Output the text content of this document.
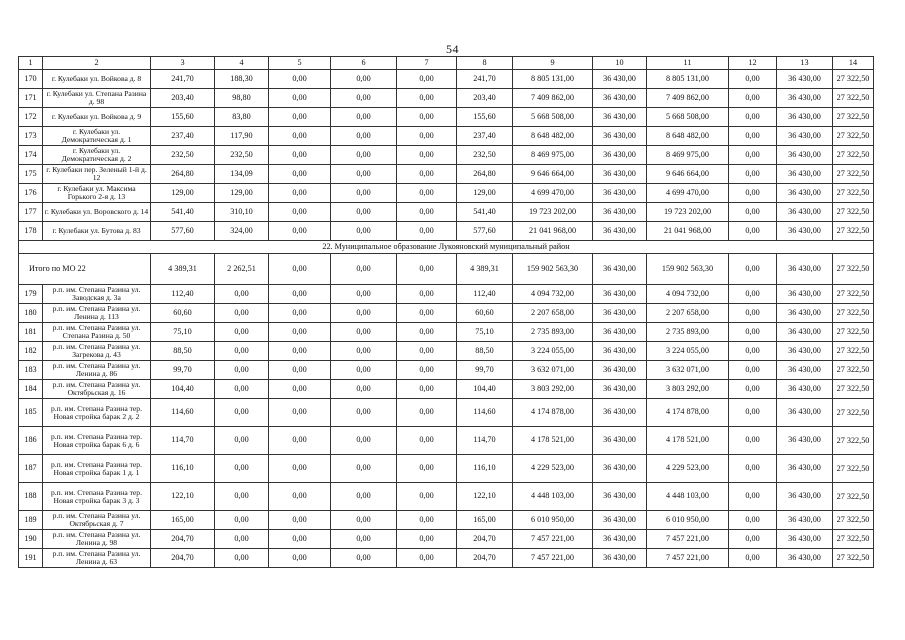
54
1	2	3	4	5	6	7	8	9	10	11	12	13	14
170	г. Кулебаки ул. Войкова д. 8	241,70	188,30	0,00	0,00	0,00	241,70	8 805 131,00	36 430,00	8 805 131,00	0,00	36 430,00	27 322,50
171	г. Кулебаки ул. Степана Разина д. 98	203,40	98,80	0,00	0,00	0,00	203,40	7 409 862,00	36 430,00	7 409 862,00	0,00	36 430,00	27 322,50
172	г. Кулебаки ул. Войкова д. 9	155,60	83,80	0,00	0,00	0,00	155,60	5 668 508,00	36 430,00	5 668 508,00	0,00	36 430,00	27 322,50
173	г. Кулебаки ул. Демократическая д. 1	237,40	117,90	0,00	0,00	0,00	237,40	8 648 482,00	36 430,00	8 648 482,00	0,00	36 430,00	27 322,50
174	г. Кулебаки ул. Демократическая д. 2	232,50	232,50	0,00	0,00	0,00	232,50	8 469 975,00	36 430,00	8 469 975,00	0,00	36 430,00	27 322,50
175	г. Кулебаки пер. Зеленый 1-й д. 12	264,80	134,09	0,00	0,00	0,00	264,80	9 646 664,00	36 430,00	9 646 664,00	0,00	36 430,00	27 322,50
176	г. Кулебаки ул. Максима Горького 2-я д. 13	129,00	129,00	0,00	0,00	0,00	129,00	4 699 470,00	36 430,00	4 699 470,00	0,00	36 430,00	27 322,50
177	г. Кулебаки ул. Воровского д. 14	541,40	310,10	0,00	0,00	0,00	541,40	19 723 202,00	36 430,00	19 723 202,00	0,00	36 430,00	27 322,50
178	г. Кулебаки ул. Бутова д. 83	577,60	324,00	0,00	0,00	0,00	577,60	21 041 968,00	36 430,00	21 041 968,00	0,00	36 430,00	27 322,50
22. Муниципальное образование Лукояновский муниципальный район													
Итого по МО 22		4 389,31	2 262,51	0,00	0,00	0,00	4 389,31	159 902 563,30	36 430,00	159 902 563,30	0,00	36 430,00	27 322,50
179	р.п. им. Степана Разина ул. Заводская д. 3а	112,40	0,00	0,00	0,00	0,00	112,40	4 094 732,00	36 430,00	4 094 732,00	0,00	36 430,00	27 322,50
180	р.п. им. Степана Разина ул. Ленина д. 113	60,60	0,00	0,00	0,00	0,00	60,60	2 207 658,00	36 430,00	2 207 658,00	0,00	36 430,00	27 322,50
181	р.п. им. Степана Разина ул. Степана Разина д. 50	75,10	0,00	0,00	0,00	0,00	75,10	2 735 893,00	36 430,00	2 735 893,00	0,00	36 430,00	27 322,50
182	р.п. им. Степана Разина ул. Загрекова д. 43	88,50	0,00	0,00	0,00	0,00	88,50	3 224 055,00	36 430,00	3 224 055,00	0,00	36 430,00	27 322,50
183	р.п. им. Степана Разина ул. Ленина д. 86	99,70	0,00	0,00	0,00	0,00	99,70	3 632 071,00	36 430,00	3 632 071,00	0,00	36 430,00	27 322,50
184	р.п. им. Степана Разина ул. Октябрьская д. 16	104,40	0,00	0,00	0,00	0,00	104,40	3 803 292,00	36 430,00	3 803 292,00	0,00	36 430,00	27 322,50
185	р.п. им. Степана Разина тер. Новая стройка барак 2 д. 2	114,60	0,00	0,00	0,00	0,00	114,60	4 174 878,00	36 430,00	4 174 878,00	0,00	36 430,00	27 322,50
186	р.п. им. Степана Разина тер. Новая стройка барак 6 д. 6	114,70	0,00	0,00	0,00	0,00	114,70	4 178 521,00	36 430,00	4 178 521,00	0,00	36 430,00	27 322,50
187	р.п. им. Степана Разина тер. Новая стройка барак 1 д. 1	116,10	0,00	0,00	0,00	0,00	116,10	4 229 523,00	36 430,00	4 229 523,00	0,00	36 430,00	27 322,50
188	р.п. им. Степана Разина тер. Новая стройка барак 3 д. 3	122,10	0,00	0,00	0,00	0,00	122,10	4 448 103,00	36 430,00	4 448 103,00	0,00	36 430,00	27 322,50
189	р.п. им. Степана Разина ул. Октябрьская д. 7	165,00	0,00	0,00	0,00	0,00	165,00	6 010 950,00	36 430,00	6 010 950,00	0,00	36 430,00	27 322,50
190	р.п. им. Степана Разина ул. Ленина д. 98	204,70	0,00	0,00	0,00	0,00	204,70	7 457 221,00	36 430,00	7 457 221,00	0,00	36 430,00	27 322,50
191	р.п. им. Степана Разина ул. Ленина д. 63	204,70	0,00	0,00	0,00	0,00	204,70	7 457 221,00	36 430,00	7 457 221,00	0,00	36 430,00	27 322,50
